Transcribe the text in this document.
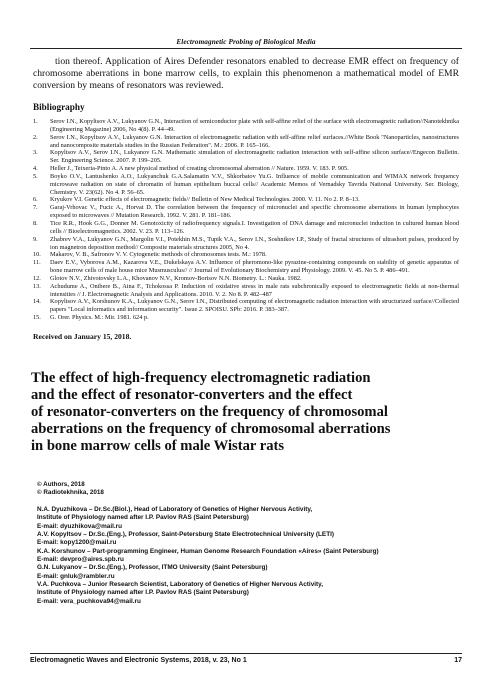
Electromagnetic Probing of Biological Media

tion thereof. Application of Aires Defender resonators enabled to decrease EMR effect on frequency of chromosome aberrations in bone marrow cells, to explain this phenomenon a mathematical model of EMR conversion by means of resonators was reviewed.

Bibliography
1. Serov I.N., Kopyltsov A.V., Lukyanov G.N., Interaction of semiconductor plate with self-affine relief of the surface with electromagnetic radiation//Nanotekhnika (Engineering Magazine) 2006, No 4(8). P. 44–49.
2. Serov I.N., Kopyltsov A.V., Lukyanov G.N. Interaction of electromagnetic radiation with self-affine relief surfaces.//White Book "Nanoparticles, nanostructures and nanocomposite materials studies in the Russian Federation". M.: 2006. P. 165–166.
3. Kopyltsov A.V., Serov I.N., Lukyanov G.N. Mathematic simulation of electromagnetic radiation interaction with self-affine silicon surface//Engecon Bulletin. Ser. Engineering Science. 2007. P. 199–205.
4. Heller J., Teixeria-Pinto A. A new physical method of creating chromosomal aberration // Nature. 1959. V. 183. P. 905.
5. Boyko O.V., Lantushenko A.O., Lukyanchuk G.A.Salamatin V.V., Shkorbatov Yu.G. Influence of mobile communication and WIMAX network frequency microwave radiation on state of chromatin of human epithelium buccal cells// Academic Memos of Vernadsky Tavrida National University. Ser. Biology, Chemistry. V. 23(62). No 4. P. 56–65.
6. Kryukov V.I. Genetic effects of electromagnetic fields// Bulletin of New Medical Technologies. 2000. V. 11. No 2. P. 8–13.
7. Garaj-Vrhovac V., Fucic A., Horvat D. The correlation between the frequency of micronuclei and specific chromosome aberrations in human lymphocytes exposed to microwaves // Mutation Research. 1992. V. 281. P. 181–186.
8. Tice R.R., Hook G.G., Donner M. Genotoxicity of radiofrequency signals.I. Investigation of DNA damage and micronuclei induction in cultured human blood cells // Bioelectromagnetics. 2002. V. 23. P. 113–126.
9. Zhabrev V.A., Lukyanov G.N., Margolin V.I., Potekhin M.S., Tupik V.A., Serov I.N., Soshnikov I.P., Study of fractal structures of ultrashort pulses, produced by ion magnetron deposition method// Composite materials structures 2005, No 4.
10. Makarov, V. B., Safronov V. V. Cytogenetic methods of chromosomes tests. M.: 1978.
11. Daev E.V., Vyborova A.M., Kazarova V.E., Dukelskaya A.V. Influence of pheromono-like pyrazine-containing compounds on stability of genetic apparatus of bone marrow cells of male house mice Musmusculus// // Journal of Evolutionary Biochemistry and Physiology. 2009. V. 45. No 5. P. 486–491.
12. Glotov N.V., Zhivotovsky L.A., Khovanov N.V., Kromov-Borisov N.N. Biometry. L.: Nauka. 1982.
13. Achudume A., Onibere B., Aina F., Tchokossa P. Induction of oxidative stress in male rats subchronically exposed to electromagnetic fields at non-thermal intensities // J. Electromagnetic Analysis and Applications. 2010. V. 2. No 8. P. 482–487
14. Kopyltsov A.V., Korshunov K.A., Lukyanov G.N., Serov I.N., Distributed computing of electromagnetic radiation interaction with structurized surface//Collected papers "Local informatics and information security". Issue 2. SPOISU. SPb: 2016. P. 383–387.
15. G. Orer. Physics. M.: Mir. 1981. 624 p.
Received on January 15, 2018.
The effect of high-frequency electromagnetic radiation
and the effect of resonator-converters and the effect
of resonator-converters on the frequency of chromosomal
aberrations on the frequency of chromosomal aberrations
in bone marrow cells of male Wistar rats
© Authors, 2018
© Radiotekhnika, 2018
N.A. Dyuzhikova – Dr.Sc.(Biol.), Head of Laboratory of Genetics of Higher Nervous Activity,
Institute of Physiology named after I.P. Pavlov RAS (Saint Petersburg)
E-mail: dyuzhikova@mail.ru
A.V. Kopyltsov – Dr.Sc.(Eng.), Professor, Saint-Petersburg State Electrotechnical University (LETI)
E-mail: kopy1200@mail.ru
K.A. Korshunov – Part-programming Engineer, Human Genome Research Foundation «Aires» (Saint Petersburg)
E-mail: devpro@aires.spb.ru
G.N. Lukyanov – Dr.Sc.(Eng.), Professor, ITMO University (Saint Petersburg)
E-mail: gnluk@rambler.ru
V.A. Puchkova – Junior Research Scientist, Laboratory of Genetics of Higher Nervous Activity,
Institute of Physiology named after I.P. Pavlov RAS (Saint Petersburg)
E-mail: vera_puchkova94@mail.ru
Electromagnetic Waves and Electronic Systems, 2018, v. 23, No 1	17
